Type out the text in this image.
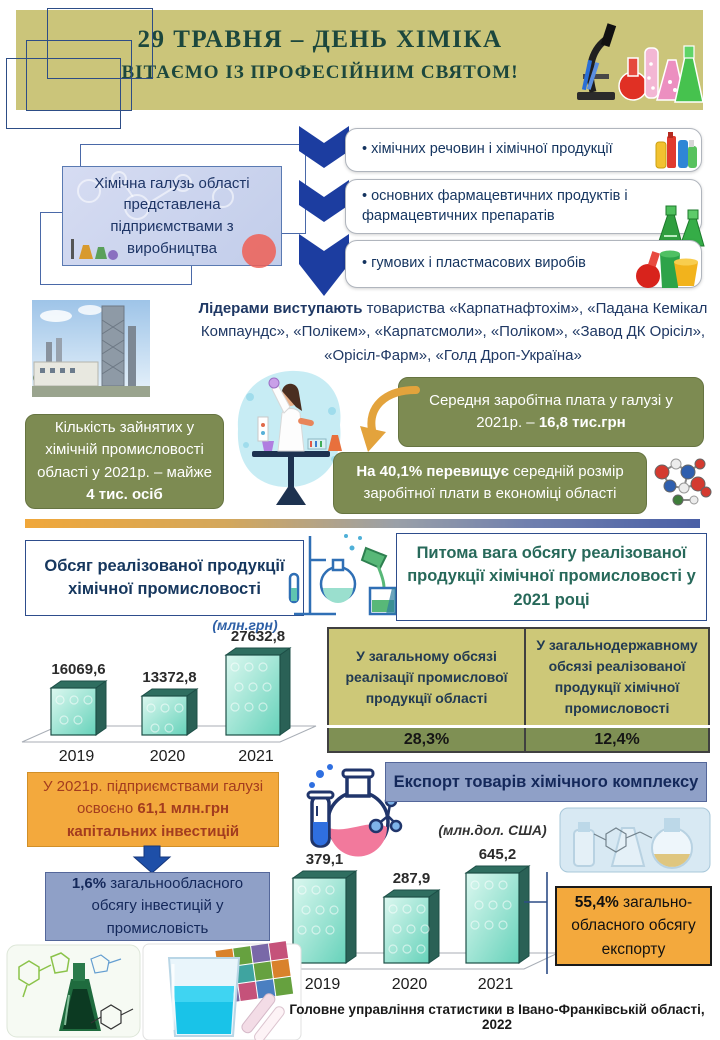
29 ТРАВНЯ – ДЕНЬ ХІМІКА
ВІТАЄМО ІЗ ПРОФЕСІЙНИМ СВЯТОМ!
Хімічна галузь області представлена підприємствами з виробництва
• хімічних речовин і хімічної продукції
• основних фармацевтичних продуктів і фармацевтичних препаратів
• гумових і пластмасових виробів
Лідерами виступають товариства «Карпатнафтохім», «Падана Кемікал Компаундс», «Полікем», «Карпатсмоли», «Поліком», «Завод ДК Орісіл», «Орісіл-Фарм», «Голд Дроп-Україна»
Кількість зайнятих у хімічній промисловості області у 2021р. – майже 4 тис. осіб
Середня заробітна плата у галузі у 2021р. – 16,8 тис.грн
На 40,1% перевищує середній розмір заробітної плати в економіці області
Обсяг реалізованої продукції хімічної промисловості
Питома вага обсягу реалізованої продукції хімічної промисловості у 2021 році
(млн.грн)
16069,6
2019
13372,8
2020
27632,8
2021
У загальному обсязі реалізації промислової продукції області	У загальнодержавному обсязі реалізованої продукції хімічної промисловості
28,3%	12,4%
У 2021р. підприємствами галузі освоєно 61,1 млн.грн капітальних інвестицій
1,6% загальнообласного обсягу інвестицій у промисловість
Експорт товарів хімічного комплексу
(млн.дол. США)
379,1
2019
287,9
2020
645,2
2021
55,4% загально-обласного обсягу експорту
Головне управління статистики в Івано-Франківській області, 2022
